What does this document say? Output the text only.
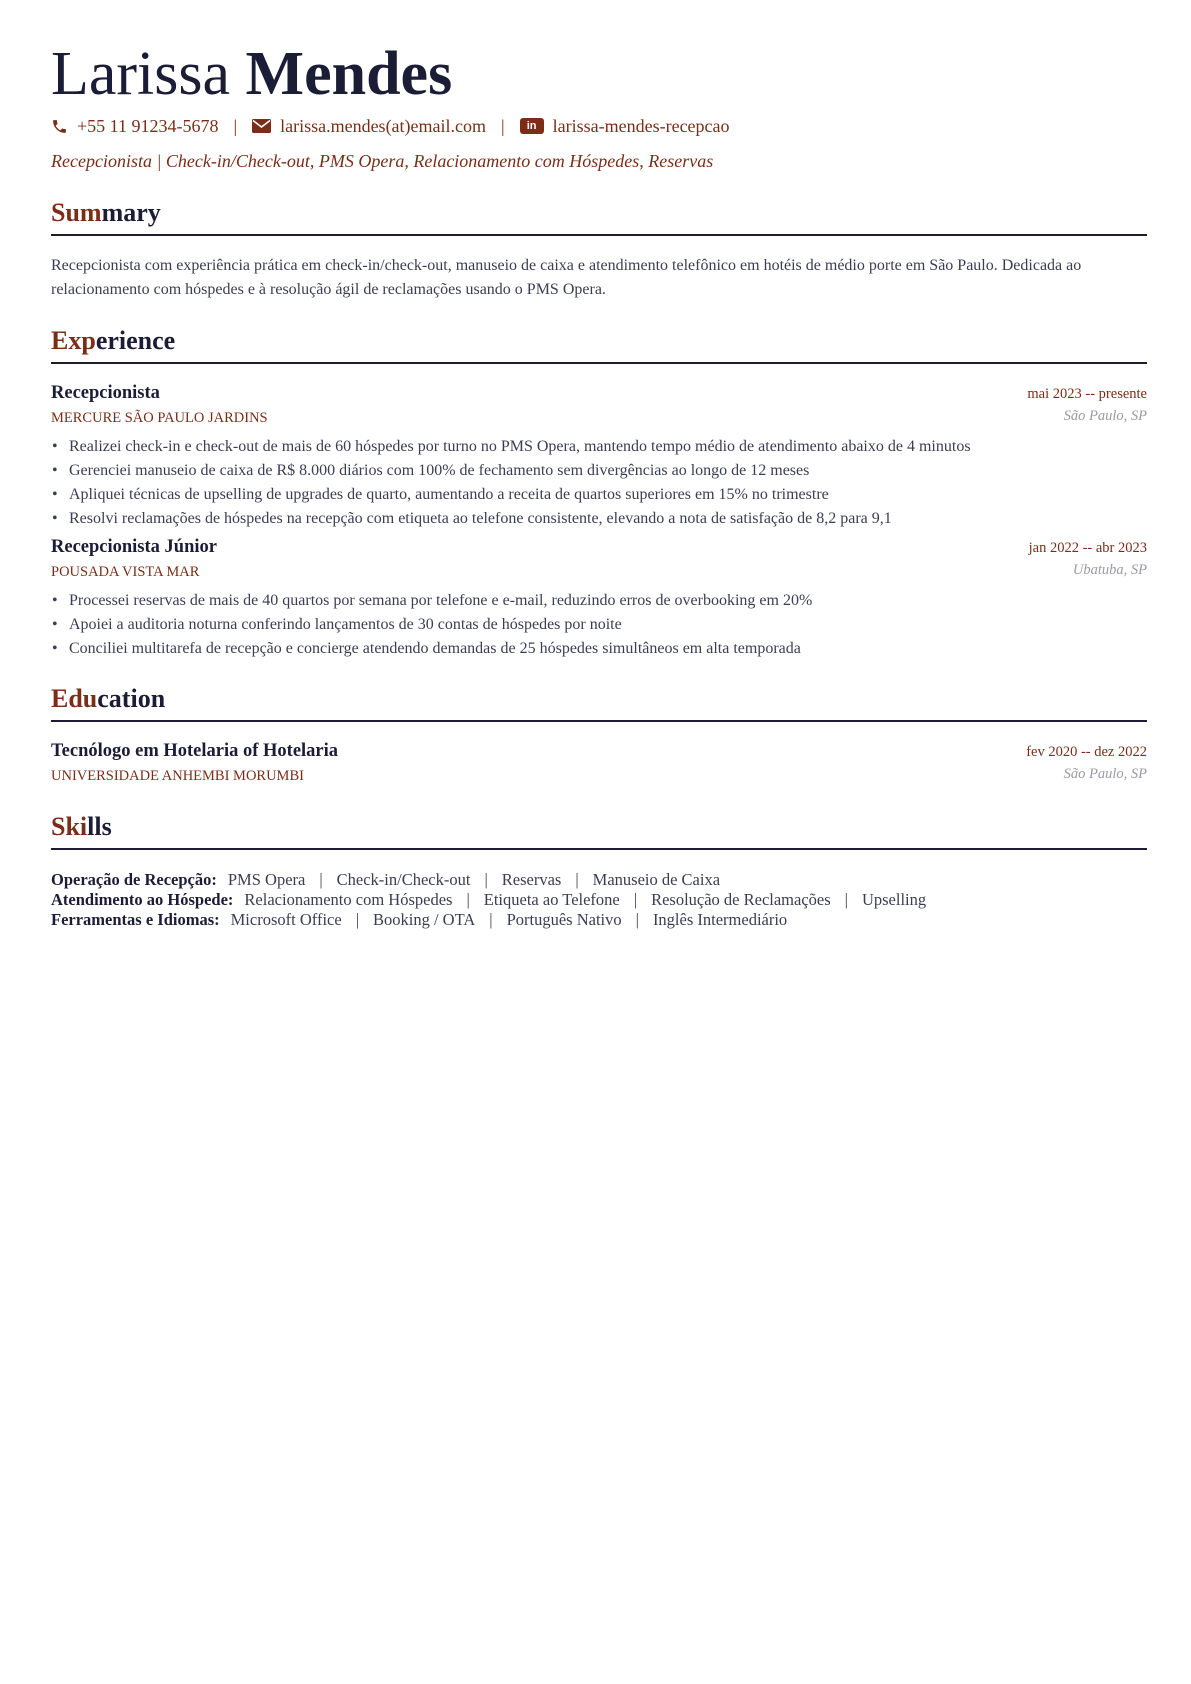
Larissa Mendes
+55 11 91234-5678 | larissa.mendes(at)email.com |	in larissa-mendes-recepcao
Recepcionista | Check-in/Check-out, PMS Opera, Relacionamento com Hóspedes, Reservas
Summary
Recepcionista com experiência prática em check-in/check-out, manuseio de caixa e atendimento telefônico em hotéis de médio porte em São Paulo. Dedicada ao relacionamento com hóspedes e à resolução ágil de reclamações usando o PMS Opera.
Experience
Recepcionista	mai 2023 -- presente
MERCURE SÃO PAULO JARDINS	São Paulo, SP
• Realizei check-in e check-out de mais de 60 hóspedes por turno no PMS Opera, mantendo tempo médio de atendimento abaixo de 4 minutos
• Gerenciei manuseio de caixa de R$ 8.000 diários com 100% de fechamento sem divergências ao longo de 12 meses
• Apliquei técnicas de upselling de upgrades de quarto, aumentando a receita de quartos superiores em 15% no trimestre
• Resolvi reclamações de hóspedes na recepção com etiqueta ao telefone consistente, elevando a nota de satisfação de 8,2 para 9,1
Recepcionista Júnior	jan 2022 -- abr 2023
POUSADA VISTA MAR	Ubatuba, SP
• Processei reservas de mais de 40 quartos por semana por telefone e e-mail, reduzindo erros de overbooking em 20%
• Apoiei a auditoria noturna conferindo lançamentos de 30 contas de hóspedes por noite
• Conciliei multitarefa de recepção e concierge atendendo demandas de 25 hóspedes simultâneos em alta temporada
Education
Tecnólogo em Hotelaria of Hotelaria	fev 2020 -- dez 2022
UNIVERSIDADE ANHEMBI MORUMBI	São Paulo, SP
Skills
Operação de Recepção: PMS Opera | Check-in/Check-out | Reservas | Manuseio de Caixa
Atendimento ao Hóspede: Relacionamento com Hóspedes | Etiqueta ao Telefone | Resolução de Reclamações | Upselling
Ferramentas e Idiomas: Microsoft Office | Booking / OTA | Português Nativo | Inglês Intermediário
